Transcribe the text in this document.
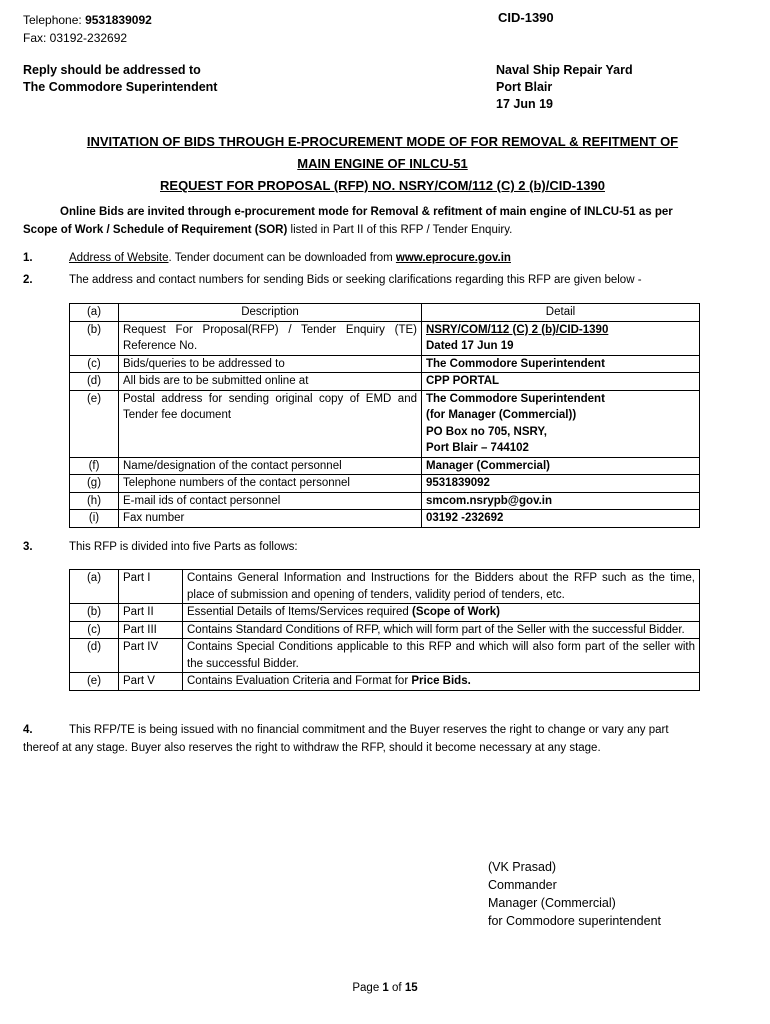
Telephone: 9531839092
Fax: 03192-232692
CID-1390
Reply should be addressed to
The Commodore Superintendent
Naval Ship Repair Yard
Port Blair
17 Jun 19
INVITATION OF BIDS THROUGH E-PROCUREMENT MODE OF FOR REMOVAL & REFITMENT OF
MAIN ENGINE OF INLCU-51
REQUEST FOR PROPOSAL (RFP) NO. NSRY/COM/112 (C) 2 (b)/CID-1390
Online Bids are invited through e-procurement mode for Removal & refitment of main engine of INLCU-51 as per
Scope of Work / Schedule of Requirement (SOR) listed in Part II of this RFP / Tender Enquiry.
1.	Address of Website. Tender document can be downloaded from www.eprocure.gov.in
2.	The address and contact numbers for sending Bids or seeking clarifications regarding this RFP are given below -
(a)	Description	Detail
(b)	Request For Proposal(RFP) / Tender Enquiry (TE) Reference No.	NSRY/COM/112 (C) 2 (b)/CID-1390
Dated 17 Jun 19

(c)	Bids/queries to be addressed to	The Commodore Superintendent
(d)	All bids are to be submitted online at	CPP PORTAL
(e)	Postal address for sending original copy of EMD and Tender fee document	The Commodore Superintendent
(for Manager (Commercial))
PO Box no 705, NSRY,
Port Blair – 744102

(f)	Name/designation of the contact personnel	Manager (Commercial)
(g)	Telephone numbers of the contact personnel	9531839092
(h)	E-mail ids of contact personnel	smcom.nsrypb@gov.in
(i)	Fax number	03192 -232692
3.	This RFP is divided into five Parts as follows:
(a)	Part I	Contains General Information and Instructions for the Bidders about the RFP such as the time, place of submission and opening of tenders, validity period of tenders, etc.
(b)	Part II	Essential Details of Items/Services required (Scope of Work)
(c)	Part III	Contains Standard Conditions of RFP, which will form part of the Seller with the successful Bidder.
(d)	Part IV	Contains Special Conditions applicable to this RFP and which will also form part of the seller with the successful Bidder.
(e)	Part V	Contains Evaluation Criteria and Format for Price Bids.
4.	This RFP/TE is being issued with no financial commitment and the Buyer reserves the right to change or vary any part
thereof at any stage. Buyer also reserves the right to withdraw the RFP, should it become necessary at any stage.
(VK Prasad)
Commander
Manager (Commercial)
for Commodore superintendent
Page 1 of 15
